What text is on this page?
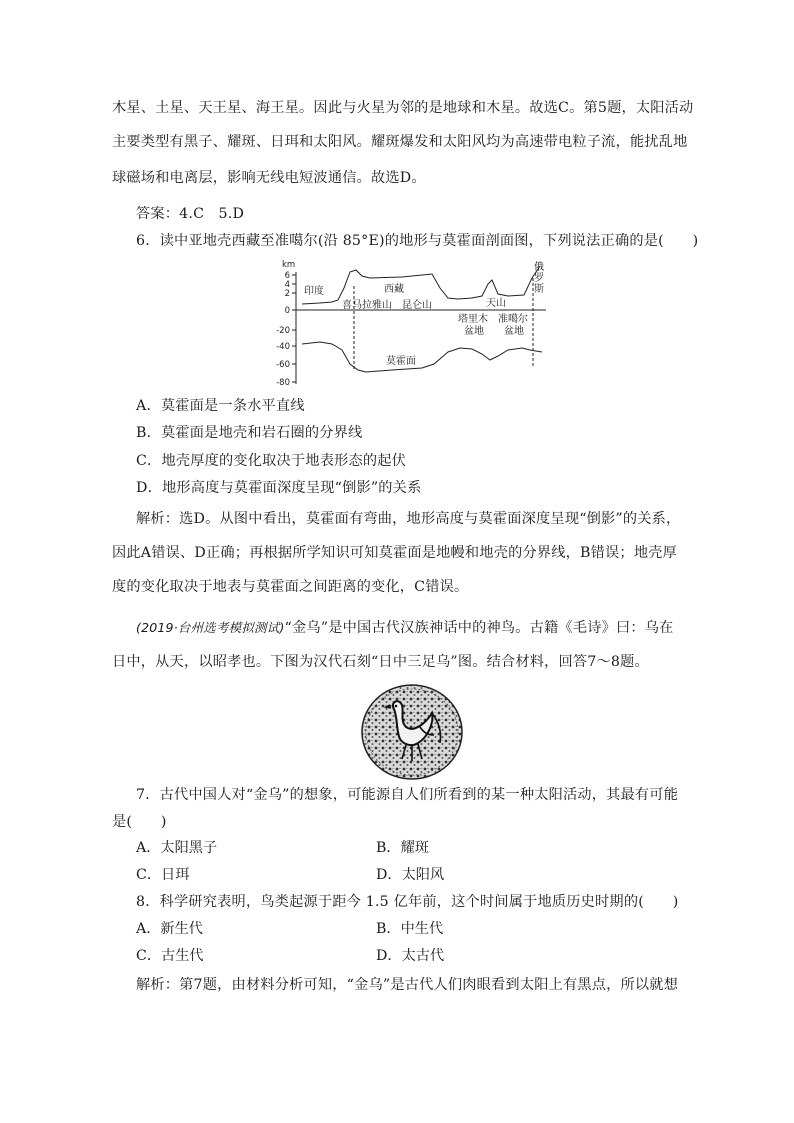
木星、土星、天王星、海王星。因此与火星为邻的是地球和木星。故选C。第5题，太阳活动
主要类型有黑子、耀斑、日珥和太阳风。耀斑爆发和太阳风均为高速带电粒子流，能扰乱地
球磁场和电离层，影响无线电短波通信。故选D。
答案：4.C　5.D
6．读中亚地壳西藏至准噶尔(沿 85°E)的地形与莫霍面剖面图，下列说法正确的是(　　)
km
6
4
2
0
-20
-40
-60
-80
印度	西藏
喜马拉雅山 昆仑山	天山
俄
罗
斯
塔里木
盆地
准噶尔
盆地
莫霍面
A．莫霍面是一条水平直线
B．莫霍面是地壳和岩石圈的分界线
C．地壳厚度的变化取决于地表形态的起伏
D．地形高度与莫霍面深度呈现“倒影”的关系
解析：选D。从图中看出，莫霍面有弯曲，地形高度与莫霍面深度呈现“倒影”的关系，
因此A错误、D正确；再根据所学知识可知莫霍面是地幔和地壳的分界线，B错误；地壳厚
度的变化取决于地表与莫霍面之间距离的变化，C错误。
(2019·台州选考模拟测试)“金乌”是中国古代汉族神话中的神鸟。古籍《毛诗》曰：乌在
日中，从天，以昭孝也。下图为汉代石刻“日中三足乌”图。结合材料，回答7～8题。
7．古代中国人对“金乌”的想象，可能源自人们所看到的某一种太阳活动，其最有可能
是(　　)
A．太阳黑子	B．耀斑
C．日珥	D．太阳风
8．科学研究表明，鸟类起源于距今 1.5 亿年前，这个时间属于地质历史时期的(　　)
A．新生代	B．中生代
C．古生代	D．太古代
解析：第7题，由材料分析可知，“金乌”是古代人们肉眼看到太阳上有黑点，所以就想
